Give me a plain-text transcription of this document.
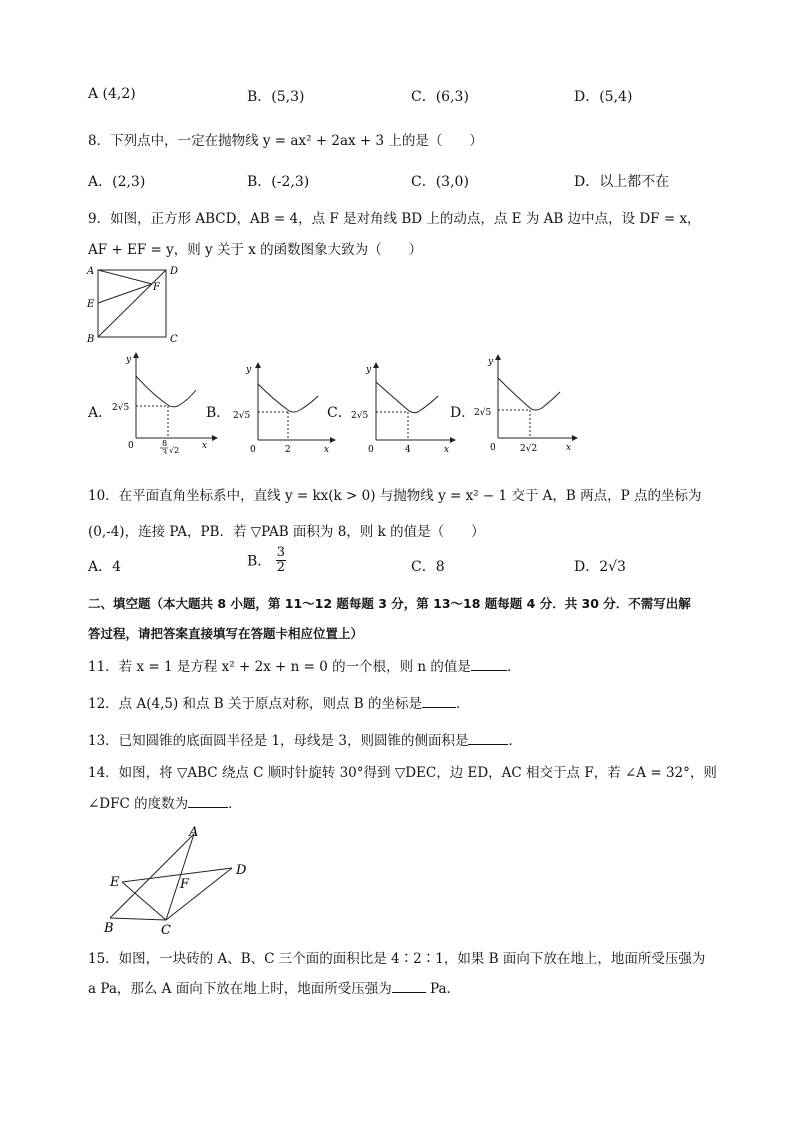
A (4,2)	B．(5,3)	C．(6,3)	D．(5,4)
8．下列点中，一定在抛物线 y = ax² + 2ax + 3 上的是（　　）
A．(2,3)	B．(-2,3)	C．(3,0)	D．以上都不在
9．如图，正方形 ABCD，AB = 4，点 F 是对角线 BD 上的动点，点 E 为 AB 边中点，设 DF = x，
AF + EF = y，则 y 关于 x 的函数图象大致为（　　）
A	D
E
F
B	C
A．
y
2√5
0	x
8
3 √2
B．
y
2√5
0	2	x
C．
y
2√5
0	4	x
D．
y
2√5
0	2√2	x
10．在平面直角坐标系中，直线 y = kx(k > 0) 与抛物线 y = x² − 1 交于 A，B 两点，P 点的坐标为
(0,-4)，连接 PA，PB．若 ▽PAB 面积为 8，则 k 的值是（　　）
A．4	B． $\frac{3}{2}$	C．8	D．2√3
二、填空题（本大题共 8 小题，第 11～12 题每题 3 分，第 13～18 题每题 4 分．共 30 分．不需写出解
答过程，请把答案直接填写在答题卡相应位置上）
11．若 x = 1 是方程 x² + 2x + n = 0 的一个根，则 n 的值是	．
12．点 A(4,5) 和点 B 关于原点对称，则点 B 的坐标是	．
13．已知圆锥的底面圆半径是 1，母线是 3，则圆锥的侧面积是	．
14．如图，将 ▽ABC 绕点 C 顺时针旋转 30°得到 ▽DEC，边 ED，AC 相交于点 F，若 ∠A = 32°，则
∠DFC 的度数为	．
A
D
E	F
B	C
15．如图，一块砖的 A、B、C 三个面的面积比是 4∶2∶1，如果 B 面向下放在地上，地面所受压强为
a Pa，那么 A 面向下放在地上时，地面所受压强为	Pa．
